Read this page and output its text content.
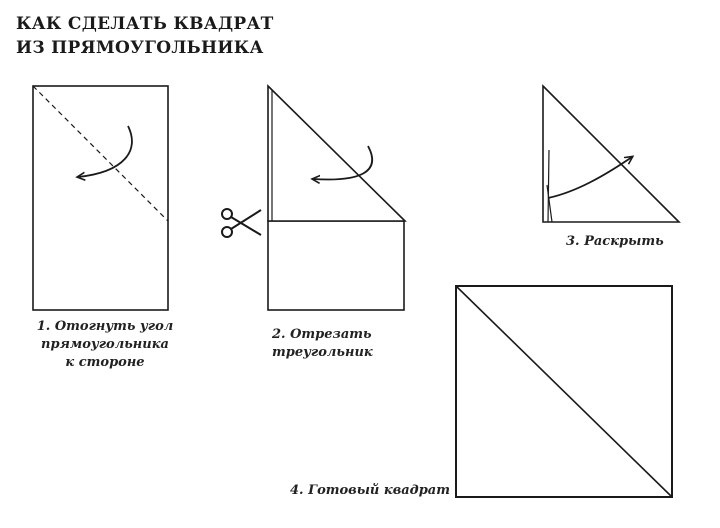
КАК СДЕЛАТЬ КВАДРАТ
ИЗ ПРЯМОУГОЛЬНИКА
1. Отогнуть угол
прямоугольника
к стороне
2. Отрезать
треугольник
3. Раскрыть
4. Готовый квадрат
